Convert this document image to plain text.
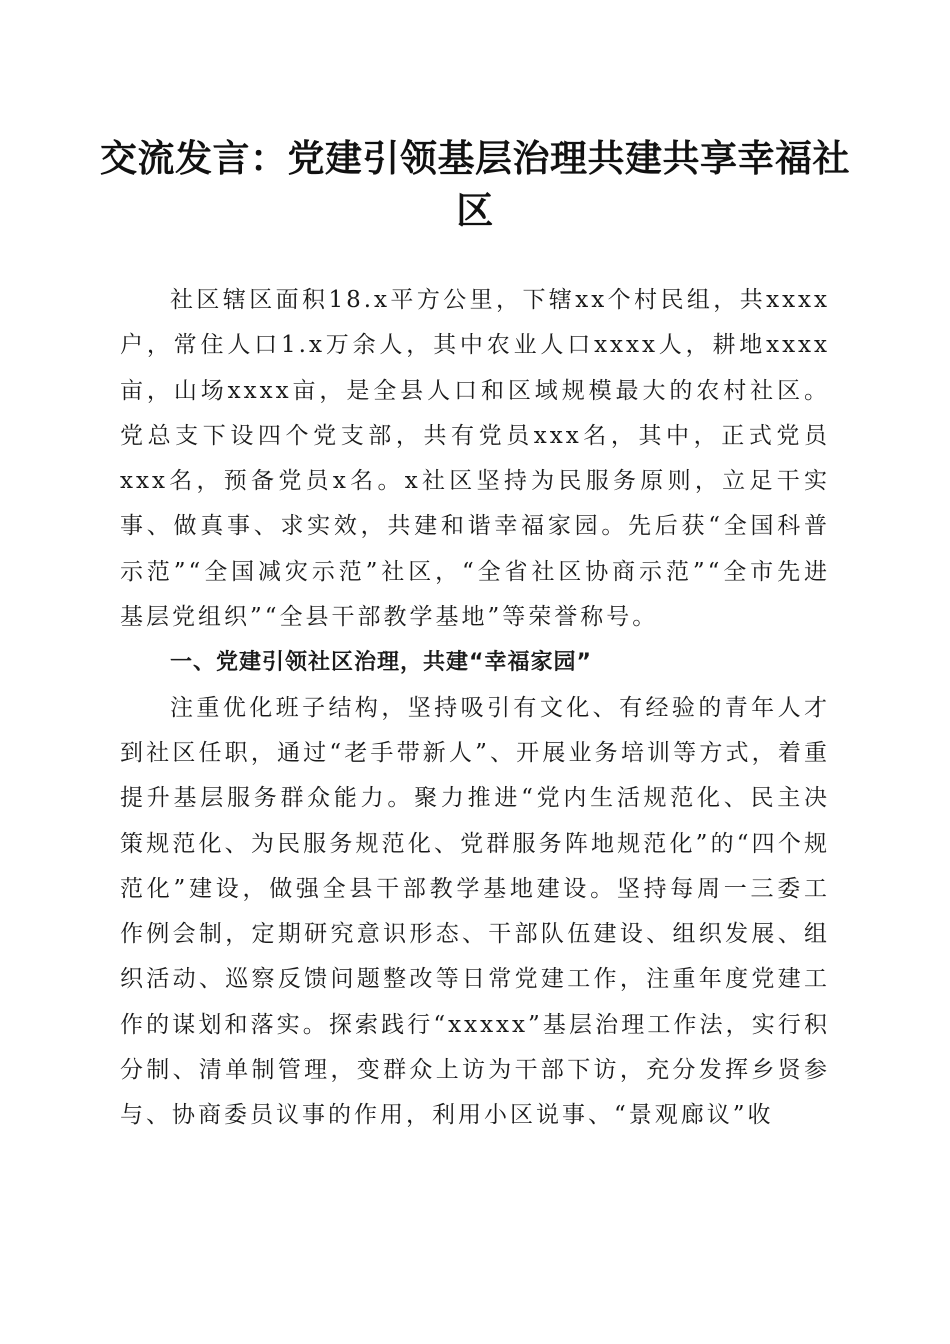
交流发言：党建引领基层治理共建共享幸福社区

社区辖区面积18.x平方公里，下辖xx个村民组，共xxxx户，常住人口1.x万余人，其中农业人口xxxx人，耕地xxxx亩，山场xxxx亩，是全县人口和区域规模最大的农村社区。党总支下设四个党支部，共有党员xxx名，其中，正式党员xxx名，预备党员x名。x社区坚持为民服务原则，立足干实事、做真事、求实效，共建和谐幸福家园。先后获“全国科普示范”“全国减灾示范”社区，“全省社区协商示范”“全市先进基层党组织”“全县干部教学基地”等荣誉称号。

一、党建引领社区治理，共建“幸福家园”

注重优化班子结构，坚持吸引有文化、有经验的青年人才到社区任职，通过“老手带新人”、开展业务培训等方式，着重提升基层服务群众能力。聚力推进“党内生活规范化、民主决策规范化、为民服务规范化、党群服务阵地规范化”的“四个规范化”建设，做强全县干部教学基地建设。坚持每周一三委工作例会制，定期研究意识形态、干部队伍建设、组织发展、组织活动、巡察反馈问题整改等日常党建工作，注重年度党建工作的谋划和落实。探索践行“xxxxx”基层治理工作法，实行积分制、清单制管理，变群众上访为干部下访，充分发挥乡贤参与、协商委员议事的作用，利用小区说事、“景观廊议”收
